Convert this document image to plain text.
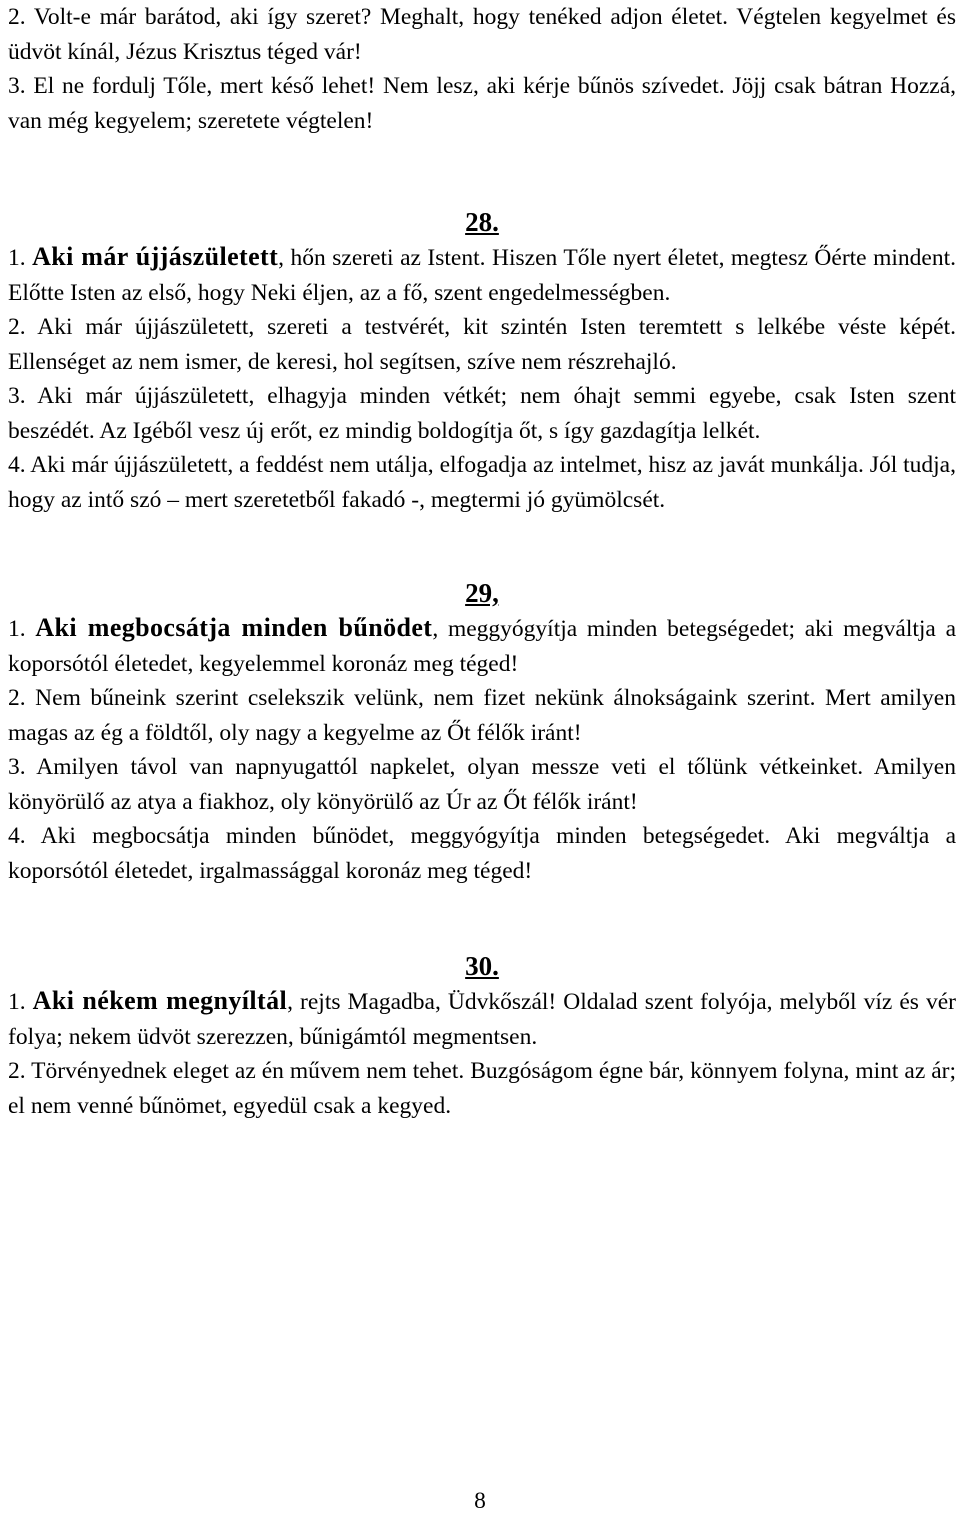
2. Volt-e már barátod, aki így szeret? Meghalt, hogy tenéked adjon életet. Végtelen kegyelmet és üdvöt kínál, Jézus Krisztus téged vár!

3. El ne fordulj Tőle, mert késő lehet! Nem lesz, aki kérje bűnös szívedet. Jöjj csak bátran Hozzá, van még kegyelem; szeretete végtelen!

28.

1. Aki már újjászületett, hőn szereti az Istent. Hiszen Tőle nyert életet, megtesz Őérte mindent. Előtte Isten az első, hogy Neki éljen, az a fő, szent engedelmességben.

2. Aki már újjászületett, szereti a testvérét, kit szintén Isten teremtett s lelkébe véste képét. Ellenséget az nem ismer, de keresi, hol segítsen, szíve nem részrehajló.

3. Aki már újjászületett, elhagyja minden vétkét; nem óhajt semmi egyebe, csak Isten szent beszédét. Az Igéből vesz új erőt, ez mindig boldogítja őt, s így gazdagítja lelkét.

4. Aki már újjászületett, a feddést nem utálja, elfogadja az intelmet, hisz az javát munkálja. Jól tudja, hogy az intő szó – mert szeretetből fakadó -, megtermi jó gyümölcsét.

29,

1. Aki megbocsátja minden bűnödet, meggyógyítja minden betegségedet; aki megváltja a koporsótól életedet, kegyelemmel koronáz meg téged!

2. Nem bűneink szerint cselekszik velünk, nem fizet nekünk álnokságaink szerint. Mert amilyen magas az ég a földtől, oly nagy a kegyelme az Őt félők iránt!

3. Amilyen távol van napnyugattól napkelet, olyan messze veti el tőlünk vétkeinket. Amilyen könyörülő az atya a fiakhoz, oly könyörülő az Úr az Őt félők iránt!

4. Aki megbocsátja minden bűnödet, meggyógyítja minden betegségedet. Aki megváltja a koporsótól életedet, irgalmassággal koronáz meg téged!

30.

1. Aki nékem megnyíltál, rejts Magadba, Üdvkőszál! Oldalad szent folyója, melyből víz és vér folya; nekem üdvöt szerezzen, bűnigámtól megmentsen.

2. Törvényednek eleget az én művem nem tehet. Buzgóságom égne bár, könnyem folyna, mint az ár; el nem venné bűnömet, egyedül csak a kegyed.

8
